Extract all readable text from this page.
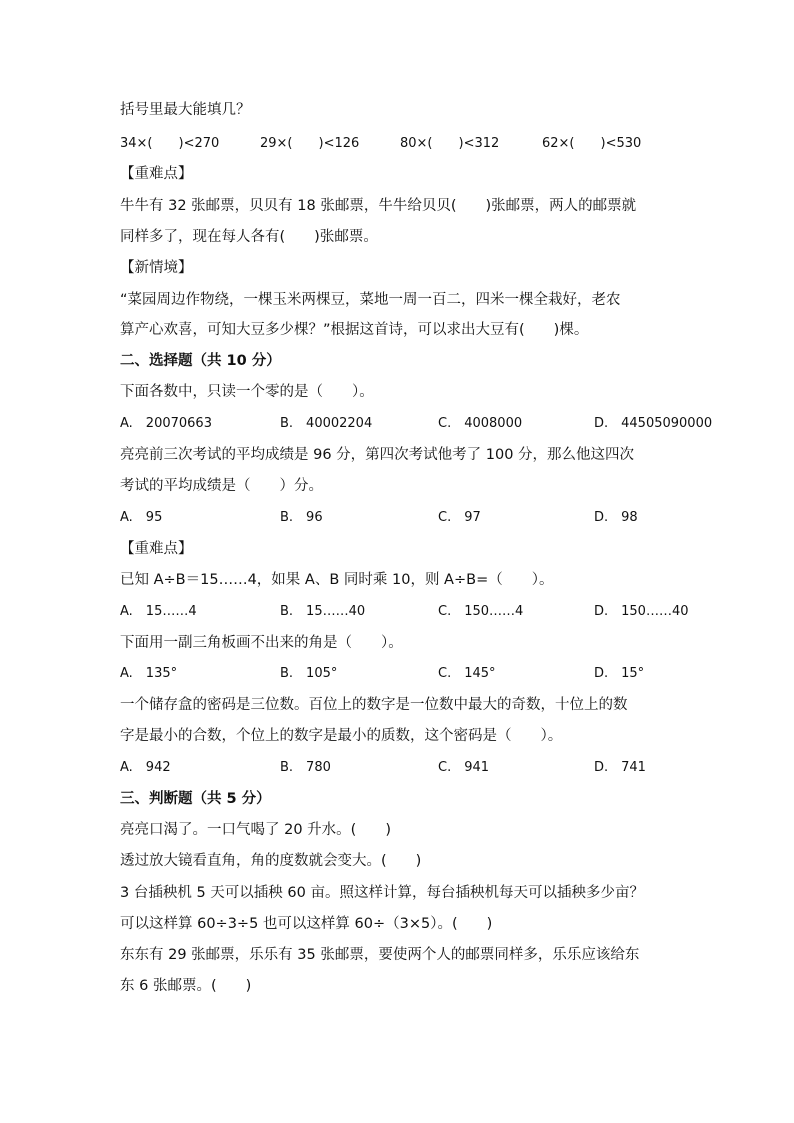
括号里最大能填几？
34×(　　)<270	29×(　　)<126	80×(　　)<312	62×(　　)<530
【重难点】
牛牛有 32 张邮票，贝贝有 18 张邮票，牛牛给贝贝(　　)张邮票，两人的邮票就
同样多了，现在每人各有(　　)张邮票。
【新情境】
“菜园周边作物绕，一棵玉米两棵豆，菜地一周一百二，四米一棵全栽好，老农
算产心欢喜，可知大豆多少棵？”根据这首诗，可以求出大豆有(　　)棵。
二、选择题（共 10 分）
下面各数中，只读一个零的是（　　）。
A.　20070663	B.　40002204	C.　4008000	D.　44505090000
亮亮前三次考试的平均成绩是 96 分，第四次考试他考了 100 分，那么他这四次
考试的平均成绩是（　　）分。
A.　95	B.　96	C.　97	D.　98
【重难点】
已知 A÷B＝15……4，如果 A、B 同时乘 10，则 A÷B=（　　）。
A.　15……4	B.　15……40	C.　150……4	D.　150……40
下面用一副三角板画不出来的角是（　　）。
A.　135°	B.　105°	C.　145°	D.　15°
一个储存盒的密码是三位数。百位上的数字是一位数中最大的奇数，十位上的数
字是最小的合数，个位上的数字是最小的质数，这个密码是（　　）。
A.　942	B.　780	C.　941	D.　741
三、判断题（共 5 分）
亮亮口渴了。一口气喝了 20 升水。(　　)
透过放大镜看直角，角的度数就会变大。(　　)
3 台插秧机 5 天可以插秧 60 亩。照这样计算，每台插秧机每天可以插秧多少亩？
可以这样算 60÷3÷5 也可以这样算 60÷（3×5）。(　　)
东东有 29 张邮票，乐乐有 35 张邮票，要使两个人的邮票同样多，乐乐应该给东
东 6 张邮票。(　　)
